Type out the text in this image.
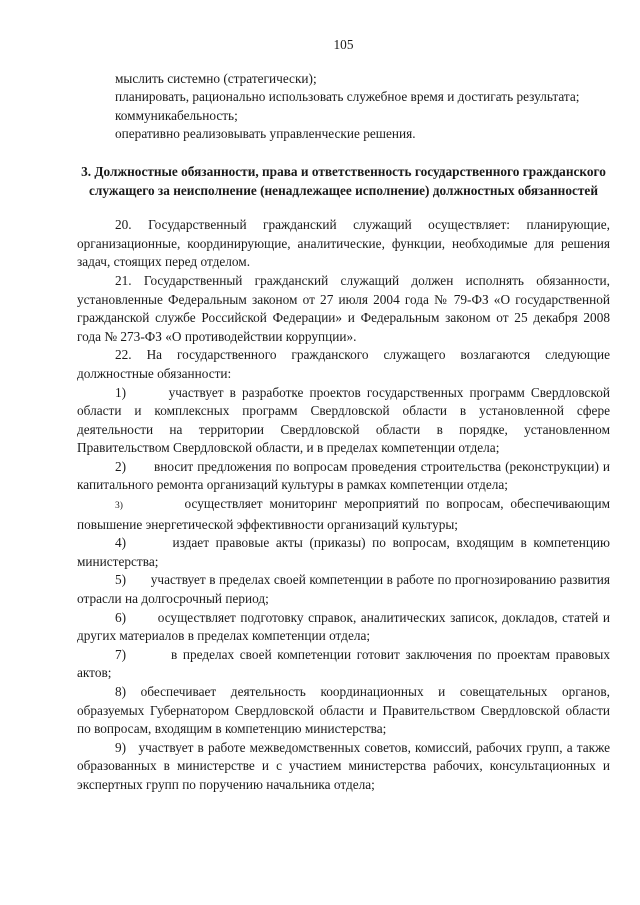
105

мыслить системно (стратегически);

планировать, рационально использовать служебное время и достигать результата;

коммуникабельность;

оперативно реализовывать управленческие решения.

3. Должностные обязанности, права и ответственность государственного гражданского служащего за неисполнение (ненадлежащее исполнение) должностных обязанностей

20. Государственный гражданский служащий осуществляет: планирующие, организационные, координирующие, аналитические, функции, необходимые для решения задач, стоящих перед отделом.

21. Государственный гражданский служащий должен исполнять обязанности, установленные Федеральным законом от 27 июля 2004 года № 79-ФЗ «О государственной гражданской службе Российской Федерации» и Федеральным законом от 25 декабря 2008 года № 273-ФЗ «О противодействии коррупции».

22. На государственного гражданского служащего возлагаются следующие должностные обязанности:

1)	участвует в разработке проектов государственных программ Свердловской области и комплексных программ Свердловской области в установленной сфере деятельности на территории Свердловской области в порядке, установленном Правительством Свердловской области, и в пределах компетенции отдела;

2) вносит предложения по вопросам проведения строительства (реконструкции) и капитального ремонта организаций культуры в рамках компетенции отдела;

3)	осуществляет мониторинг мероприятий по вопросам, обеспечивающим повышение энергетической эффективности организаций культуры;

4)	издает правовые акты (приказы) по вопросам, входящим в компетенцию министерства;

5) участвует в пределах своей компетенции в работе по прогнозированию развития отрасли на долгосрочный период;

6) осуществляет подготовку справок, аналитических записок, докладов, статей и других материалов в пределах компетенции отдела;

7)	в пределах своей компетенции готовит заключения по проектам правовых актов;

8) обеспечивает деятельность координационных и совещательных органов, образуемых Губернатором Свердловской области и Правительством Свердловской области по вопросам, входящим в компетенцию министерства;

9) участвует в работе межведомственных советов, комиссий, рабочих групп, а также образованных в министерстве и с участием министерства рабочих, консультационных и экспертных групп по поручению начальника отдела;
